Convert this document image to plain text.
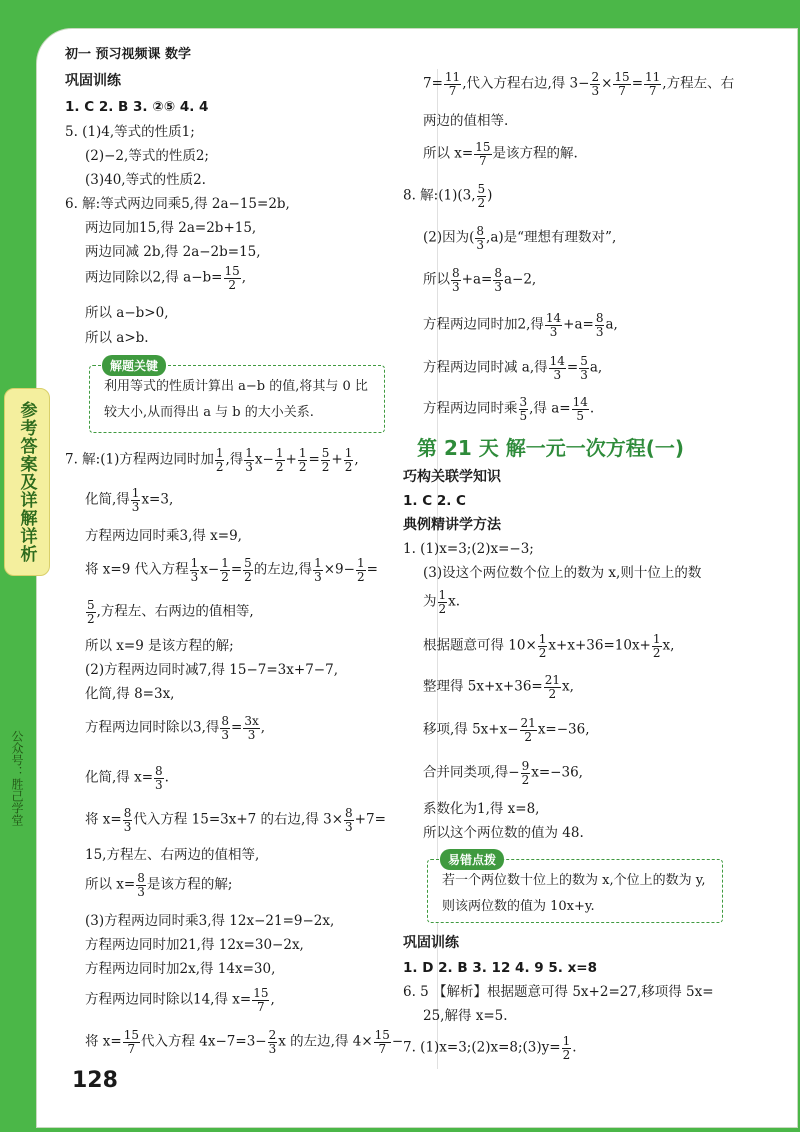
初一 预习视频课 数学
巩固训练
1. C 2. B 3. ②⑤ 4. 4
5. (1)4,等式的性质1;
(2)−2,等式的性质2;
(3)40,等式的性质2.
6. 解:等式两边同乘5,得 2a−15=2b,
两边同加15,得 2a=2b+15,
两边同减 2b,得 2a−2b=15,
两边同除以2,得 $a-b= \frac{15}{2}$ ,
所以 a−b>0,
所以 a>b.
解题关键
利用等式的性质计算出 a−b 的值,将其与 0 比较大小,从而得出 a 与 b 的大小关系.
7. 解:(1)方程两边同时加 $\frac{1}{2}$ ,得 $\frac{1}{3} x- \frac{1}{2} + \frac{1}{2} = \frac{5}{2} + \frac{1}{2}$ ,
化简,得 $\frac{1}{3} x=3$,
方程两边同时乘3,得 x=9,
将 x=9 代入方程 $\frac{1}{3} x- \frac{1}{2} = \frac{5}{2}$ 的左边,得 $\frac{1}{3} \times 9- \frac{1}{2}$ =
$\frac{5}{2}$ ,方程左、右两边的值相等,
所以 x=9 是该方程的解;
(2)方程两边同时减7,得 15−7=3x+7−7,
化简,得 8=3x,
方程两边同时除以3,得 $\frac{8}{3} = \frac{3x}{3}$ ,
化简,得 $x= \frac{8}{3}$ .
将 $x= \frac{8}{3}$ 代入方程 15=3x+7 的右边,得 $3\times \frac{8}{3} +7=$
15,方程左、右两边的值相等,
所以 $x= \frac{8}{3}$ 是该方程的解;
(3)方程两边同时乘3,得 12x−21=9−2x,
方程两边同时加21,得 12x=30−2x,
方程两边同时加2x,得 14x=30,
方程两边同时除以14,得 $x= \frac{15}{7}$ ,
将 $x= \frac{15}{7}$ 代入方程 $4x-7=3- \frac{2}{3}$ x 的左边,得 $4\times \frac{15}{7}$ −
$7= \frac{11}{7}$ ,代入方程右边,得 $3- \frac{2}{3} \times \frac{15}{7} = \frac{11}{7}$ ,方程左、右
两边的值相等.
所以 $x= \frac{15}{7}$ 是该方程的解.
8. 解:(1)(3, $\frac{5}{2}$ )
(2)因为( $\frac{8}{3} ,a$)是“理想有理数对”,
所以 $\frac{8}{3} +a= \frac{8}{3} a-2$,
方程两边同时加2,得 $\frac{14}{3} +a= \frac{8}{3} a$,
方程两边同时减 a,得 $\frac{14}{3} = \frac{5}{3} a$,
方程两边同时乘 $\frac{3}{5}$ ,得 $a= \frac{14}{5}$ .
第 21 天 解一元一次方程(一)
巧构关联学知识
1. C 2. C
典例精讲学方法
1. (1)x=3;(2)x=−3;
(3)设这个两位数个位上的数为 x,则十位上的数
为 $\frac{1}{2} x$.
根据题意可得 $10\times \frac{1}{2} x+x+36=10x+ \frac{1}{2} x$,
整理得 $5x+x+36= \frac{21}{2} x$,
移项,得 $5x+x- \frac{21}{2} x=-36$,
合并同类项,得− $\frac{9}{2} x=-36$,
系数化为1,得 x=8,
所以这个两位数的值为 48.
易错点拨
若一个两位数十位上的数为 x,个位上的数为 y,则该两位数的值为 10x+y.
巩固训练
1. D 2. B 3. 12 4. 9 5. x=8
6. 5 【解析】根据题意可得 5x+2=27,移项得 5x=
25,解得 x=5.
7. (1)x=3;(2)x=8;(3)y= $\frac{1}{2}$ .
参考答案及详解详析
公众号：胜己学堂
128
